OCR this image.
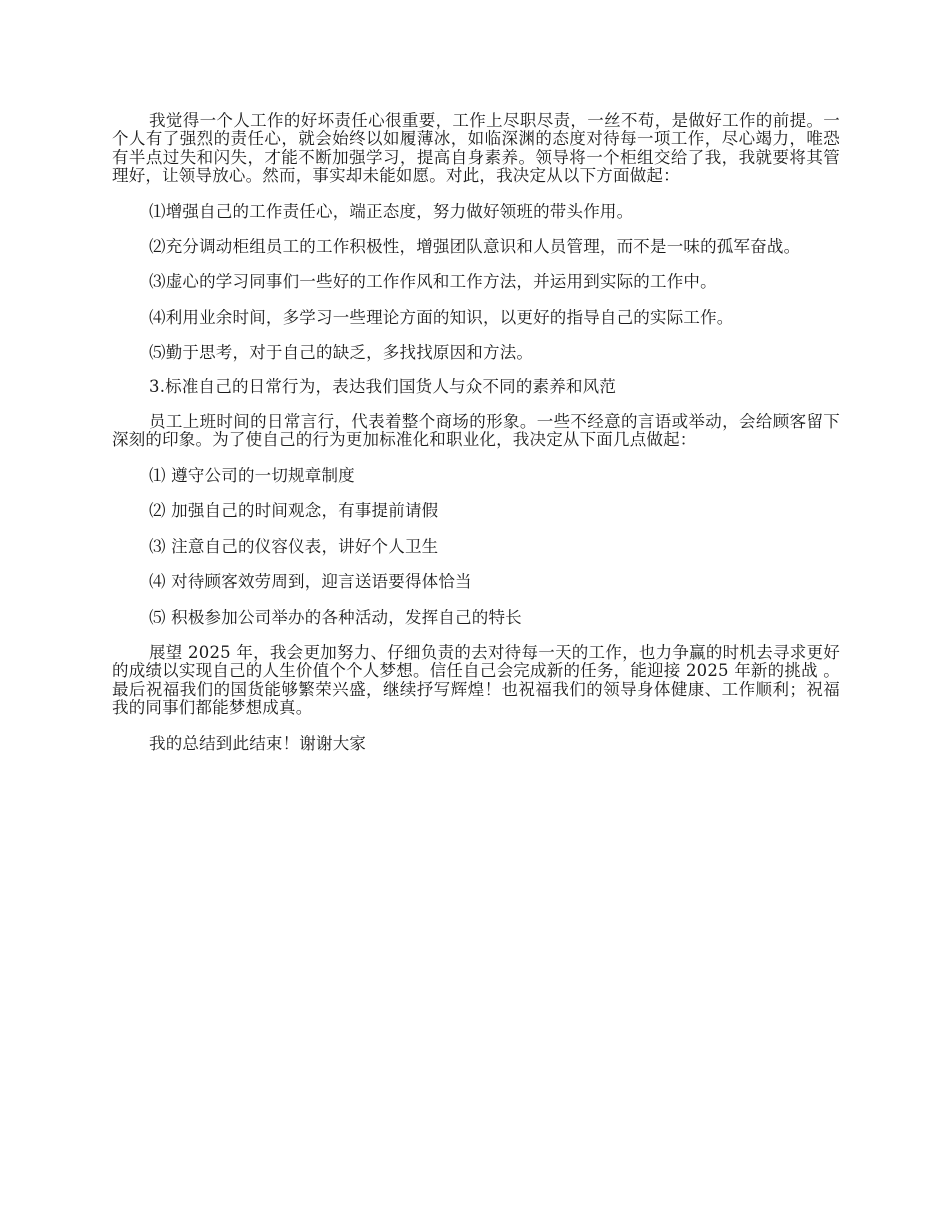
我觉得一个人工作的好坏责任心很重要，工作上尽职尽责，一丝不苟，是做好工作的前提。一个人有了强烈的责任心，就会始终以如履薄冰，如临深渊的态度对待每一项工作，尽心竭力，唯恐有半点过失和闪失，才能不断加强学习，提高自身素养。领导将一个柜组交给了我，我就要将其管理好，让领导放心。然而，事实却未能如愿。对此，我决定从以下方面做起：

⑴增强自己的工作责任心，端正态度，努力做好领班的带头作用。

⑵充分调动柜组员工的工作积极性，增强团队意识和人员管理，而不是一味的孤军奋战。

⑶虚心的学习同事们一些好的工作作风和工作方法，并运用到实际的工作中。

⑷利用业余时间，多学习一些理论方面的知识，以更好的指导自己的实际工作。

⑸勤于思考，对于自己的缺乏，多找找原因和方法。

3.标准自己的日常行为，表达我们国货人与众不同的素养和风范

员工上班时间的日常言行，代表着整个商场的形象。一些不经意的言语或举动，会给顾客留下深刻的印象。为了使自己的行为更加标准化和职业化，我决定从下面几点做起：

⑴ 遵守公司的一切规章制度

⑵ 加强自己的时间观念，有事提前请假

⑶ 注意自己的仪容仪表，讲好个人卫生

⑷ 对待顾客效劳周到，迎言送语要得体恰当

⑸ 积极参加公司举办的各种活动，发挥自己的特长

展望 2025 年，我会更加努力、仔细负责的去对待每一天的工作，也力争赢的时机去寻求更好的成绩以实现自己的人生价值个个人梦想。信任自己会完成新的任务，能迎接 2025 年新的挑战 。最后祝福我们的国货能够繁荣兴盛，继续抒写辉煌！也祝福我们的领导身体健康、工作顺利；祝福我的同事们都能梦想成真。

我的总结到此结束！谢谢大家
